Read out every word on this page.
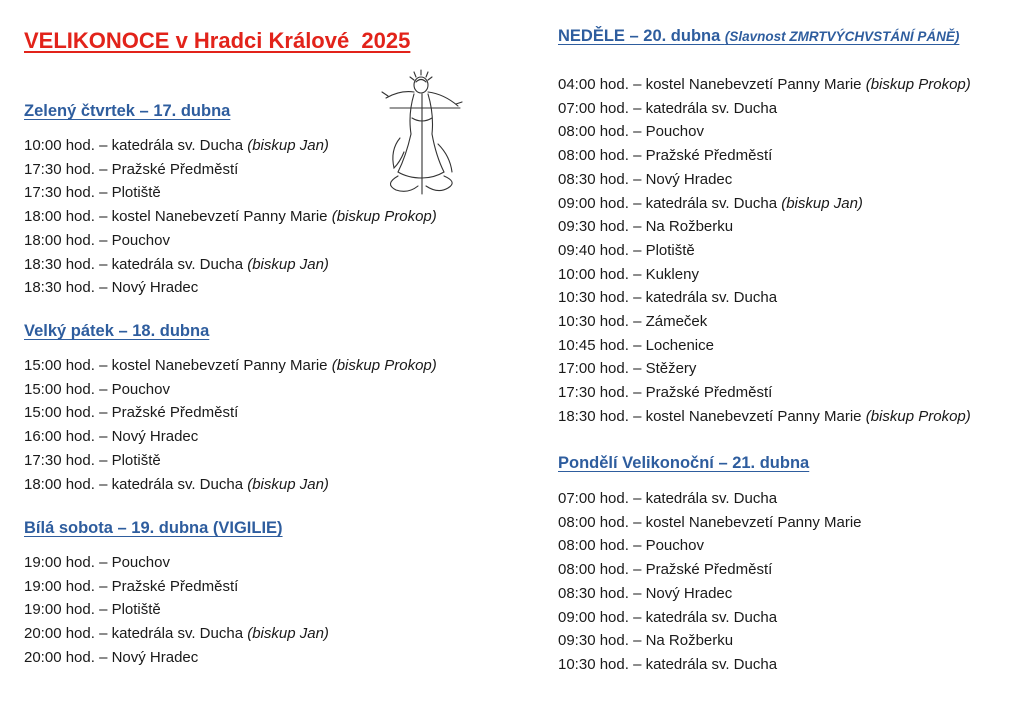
VELIKONOCE v Hradci Králové  2025
Zelený čtvrtek – 17. dubna
10:00 hod. – katedrála sv. Ducha (biskup Jan)
17:30 hod. – Pražské Předměstí
17:30 hod. – Plotiště
18:00 hod. – kostel Nanebevzetí Panny Marie (biskup Prokop)
18:00 hod. – Pouchov
18:30 hod. – katedrála sv. Ducha (biskup Jan)
18:30 hod. – Nový Hradec
Velký pátek – 18. dubna
15:00 hod. – kostel Nanebevzetí Panny Marie (biskup Prokop)
15:00 hod. – Pouchov
15:00 hod. – Pražské Předměstí
16:00 hod. – Nový Hradec
17:30 hod. – Plotiště
18:00 hod. – katedrála sv. Ducha (biskup Jan)
Bílá sobota – 19. dubna (VIGILIE)
19:00 hod. – Pouchov
19:00 hod. – Pražské Předměstí
19:00 hod. – Plotiště
20:00 hod. – katedrála sv. Ducha (biskup Jan)
20:00 hod. – Nový Hradec
NEDĚLE – 20. dubna (Slavnost ZMRTVÝCHVSTÁNÍ PÁNĚ)
04:00 hod. – kostel Nanebevzetí Panny Marie (biskup Prokop)
07:00 hod. – katedrála sv. Ducha
08:00 hod. – Pouchov
08:00 hod. – Pražské Předměstí
08:30 hod. – Nový Hradec
09:00 hod. – katedrála sv. Ducha (biskup Jan)
09:30 hod. – Na Rožberku
09:40 hod. – Plotiště
10:00 hod. – Kukleny
10:30 hod. – katedrála sv. Ducha
10:30 hod. – Zámeček
10:45 hod. – Lochenice
17:00 hod. – Stěžery
17:30 hod. – Pražské Předměstí
18:30 hod. – kostel Nanebevzetí Panny Marie (biskup Prokop)
Pondělí Velikonoční – 21. dubna
07:00 hod. – katedrála sv. Ducha
08:00 hod. – kostel Nanebevzetí Panny Marie
08:00 hod. – Pouchov
08:00 hod. – Pražské Předměstí
08:30 hod. – Nový Hradec
09:00 hod. – katedrála sv. Ducha
09:30 hod. – Na Rožberku
10:30 hod. – katedrála sv. Ducha
